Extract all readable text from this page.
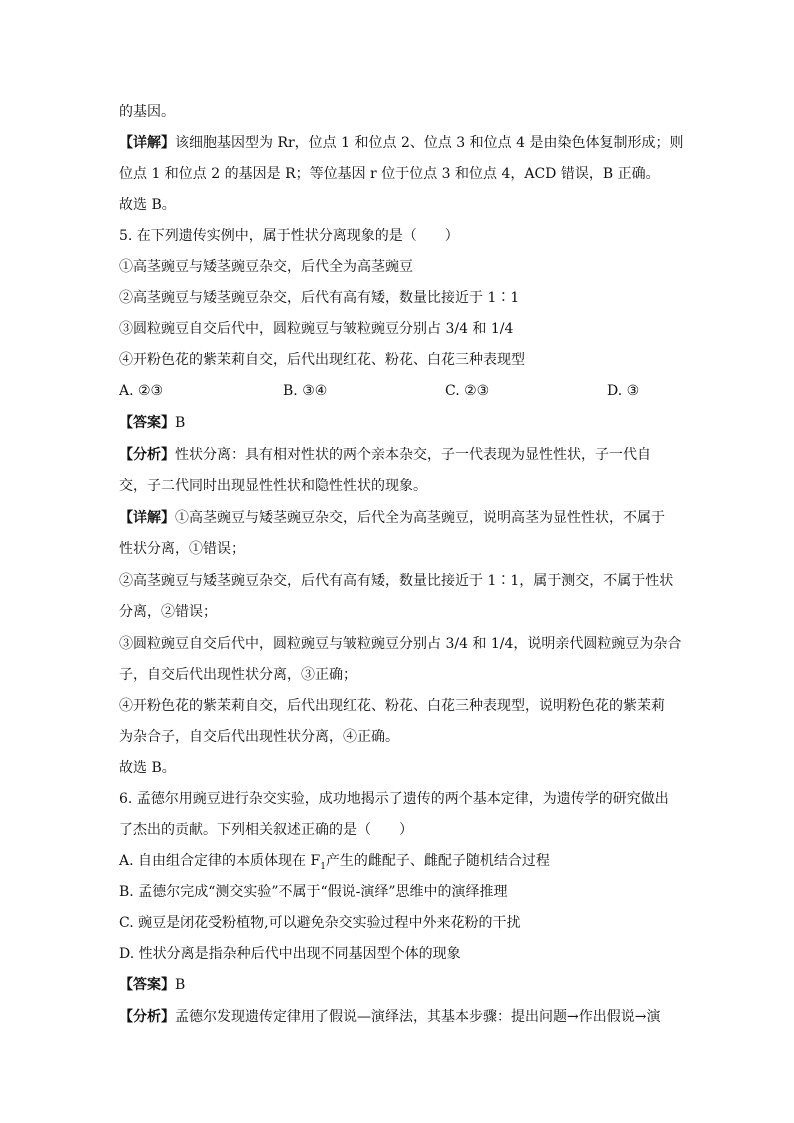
的基因。
【详解】该细胞基因型为 Rr，位点 1 和位点 2、位点 3 和位点 4 是由染色体复制形成；则
位点 1 和位点 2 的基因是 R；等位基因 r 位于位点 3 和位点 4，ACD 错误，B 正确。
故选 B。
5. 在下列遗传实例中，属于性状分离现象的是（　　）
①高茎豌豆与矮茎豌豆杂交，后代全为高茎豌豆
②高茎豌豆与矮茎豌豆杂交，后代有高有矮，数量比接近于 1∶1
③圆粒豌豆自交后代中，圆粒豌豆与皱粒豌豆分别占 3/4 和 1/4
④开粉色花的紫茉莉自交，后代出现红花、粉花、白花三种表现型
A. ②③	B. ③④	C. ②③	D. ③
【答案】B
【分析】性状分离：具有相对性状的两个亲本杂交，子一代表现为显性性状，子一代自
交，子二代同时出现显性性状和隐性性状的现象。
【详解】①高茎豌豆与矮茎豌豆杂交，后代全为高茎豌豆，说明高茎为显性性状，不属于
性状分离，①错误；
②高茎豌豆与矮茎豌豆杂交，后代有高有矮，数量比接近于 1∶1，属于测交，不属于性状
分离，②错误；
③圆粒豌豆自交后代中，圆粒豌豆与皱粒豌豆分别占 3/4 和 1/4，说明亲代圆粒豌豆为杂合
子，自交后代出现性状分离，③正确；
④开粉色花的紫茉莉自交，后代出现红花、粉花、白花三种表现型，说明粉色花的紫茉莉
为杂合子，自交后代出现性状分离，④正确。
故选 B。
6. 孟德尔用豌豆进行杂交实验，成功地揭示了遗传的两个基本定律，为遗传学的研究做出
了杰出的贡献。下列相关叙述正确的是（　　）
A. 自由组合定律的本质体现在 $F_1$产生的雌配子、雌配子随机结合过程
B. 孟德尔完成“测交实验”不属于“假说-演绎”思维中的演绎推理
C. 豌豆是闭花受粉植物,可以避免杂交实验过程中外来花粉的干扰
D. 性状分离是指杂种后代中出现不同基因型个体的现象
【答案】B
【分析】孟德尔发现遗传定律用了假说—演绎法，其基本步骤：提出问题→作出假说→演
